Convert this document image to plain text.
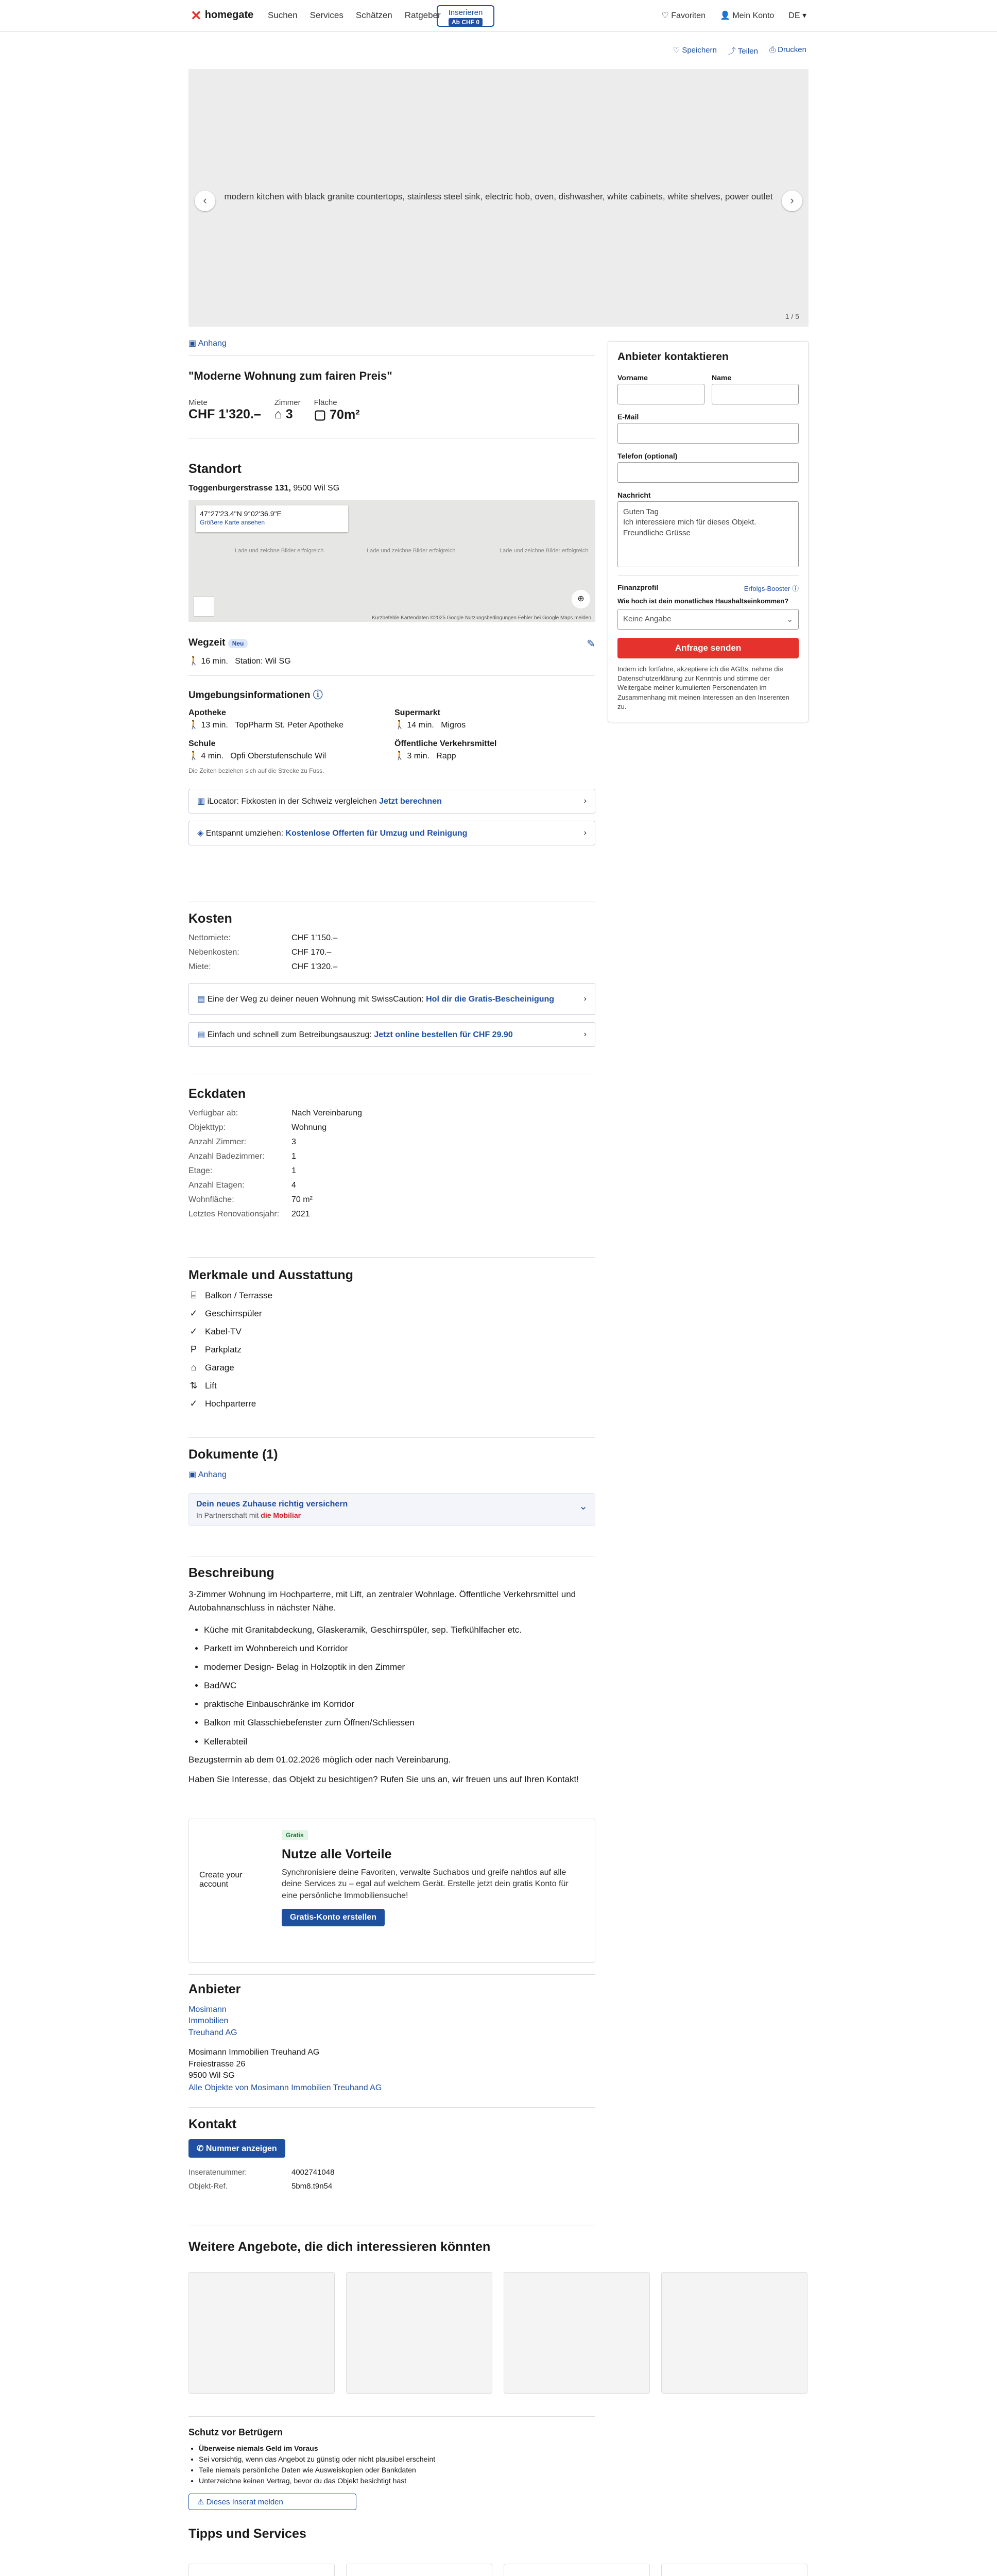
✕ homegate Suchen Services Schätzen Ratgeber Inserieren
Ab CHF 0
♡ Favoriten 👤 Mein Konto DE ▾
♡ Speichern ⤴ Teilen ⎙ Drucken
modern kitchen with black granite countertops, stainless steel sink, electric hob, oven, dishwasher, white cabinets, white shelves, power outlet
‹	›
1 / 5
▣ Anhang
"Moderne Wohnung zum fairen Preis"
Miete
CHF 1'320.–
Zimmer
⌂ 3
Fläche
▢ 70m²
Standort
Toggenburgerstrasse 131, 9500 Wil SG
47°27'23.4"N 9°02'36.9"E
Größere Karte ansehen
Lade und zeichne Bilder erfolgreich	Lade und zeichne Bilder erfolgreich	Lade und zeichne Bilder erfolgreich
⊕
Kurzbefehle Kartendaten ©2025 Google Nutzungsbedingungen Fehler bei Google Maps melden
Wegzeit Neu
🚶 16 min. Station: Wil SG
✎
Umgebungsinformationen ⓘ
Apotheke
🚶 13 min. TopPharm St. Peter Apotheke
Supermarkt
🚶 14 min. Migros
Schule
🚶 4 min. Opfi Oberstufenschule Wil
Öffentliche Verkehrsmittel
🚶 3 min. Rapp
Die Zeiten beziehen sich auf die Strecke zu Fuss.
▥ iLocator: Fixkosten in der Schweiz vergleichen Jetzt berechnen	›
◈ Entspannt umziehen: Kostenlose Offerten für Umzug und Reinigung	›
Kosten
Nettomiete:	CHF 1'150.–
Nebenkosten:	CHF 170.–
Miete:	CHF 1'320.–
▤ Eine der Weg zu deiner neuen Wohnung mit SwissCaution: Hol dir die Gratis-Bescheinigung	›
▤ Einfach und schnell zum Betreibungsauszug: Jetzt online bestellen für CHF 29.90	›
Eckdaten
Verfügbar ab:	Nach Vereinbarung
Objekttyp:	Wohnung
Anzahl Zimmer:	3
Anzahl Badezimmer:	1
Etage:	1
Anzahl Etagen:	4
Wohnfläche:	70 m²
Letztes Renovationsjahr:	2021
Merkmale und Ausstattung
⌸ Balkon / Terrasse
✓ Geschirrspüler
✓ Kabel-TV
P Parkplatz
⌂ Garage
⇅ Lift
✓ Hochparterre
Dokumente (1)
▣ Anhang
Dein neues Zuhause richtig versichern
In Partnerschaft mit die Mobiliar
⌄
Beschreibung

3-Zimmer Wohnung im Hochparterre, mit Lift, an zentraler Wohnlage. Öffentliche Verkehrsmittel und Autobahnanschluss in nächster Nähe.

• Küche mit Granitabdeckung, Glaskeramik, Geschirrspüler, sep. Tiefkühlfacher etc.
• Parkett im Wohnbereich und Korridor
• moderner Design- Belag in Holzoptik in den Zimmer
• Bad/WC
• praktische Einbauschränke im Korridor
• Balkon mit Glasschiebefenster zum Öffnen/Schliessen
• Kellerabteil

Bezugstermin ab dem 01.02.2026 möglich oder nach Vereinbarung.

Haben Sie Interesse, das Objekt zu besichtigen? Rufen Sie uns an, wir freuen uns auf Ihren Kontakt!

Create your account
Gratis
Nutze alle Vorteile

Synchronisiere deine Favoriten, verwalte Suchabos und greife nahtlos auf alle deine Services zu – egal auf welchem Gerät. Erstelle jetzt dein gratis Konto für eine persönliche Immobiliensuche!

Gratis-Konto erstellen
Anbieter
Mosimann
Immobilien
Treuhand AG
Mosimann Immobilien Treuhand AG
Freiestrasse 26
9500 Wil SG
Alle Objekte von Mosimann Immobilien Treuhand AG
Kontakt
✆ Nummer anzeigen
Inseratenummer:	4002741048
Objekt-Ref.	5bm8.t9n54
Weitere Angebote, die dich interessieren könnten
Schutz vor Betrügern
• Überweise niemals Geld im Voraus
• Sei vorsichtig, wenn das Angebot zu günstig oder nicht plausibel erscheint
• Teile niemals persönliche Daten wie Ausweiskopien oder Bankdaten
• Unterzeichne keinen Vertrag, bevor du das Objekt besichtigt hast
⚠ Dieses Inserat melden
Tipps und Services

Anbieter kontaktieren
Vorname	Name
E-Mail
Telefon (optional)
Nachricht
Guten Tag
Ich interessiere mich für dieses Objekt.
Freundliche Grüsse
Finanzprofil	Erfolgs-Booster ⓘ
Wie hoch ist dein monatliches Haushaltseinkommen?
Keine Angabe	⌄
Anfrage senden
Indem ich fortfahre, akzeptiere ich die AGBs, nehme die Datenschutzerklärung zur Kenntnis und stimme der Weitergabe meiner kumulierten Personendaten im Zusammenhang mit meinen Interessen an den Inserenten zu.
